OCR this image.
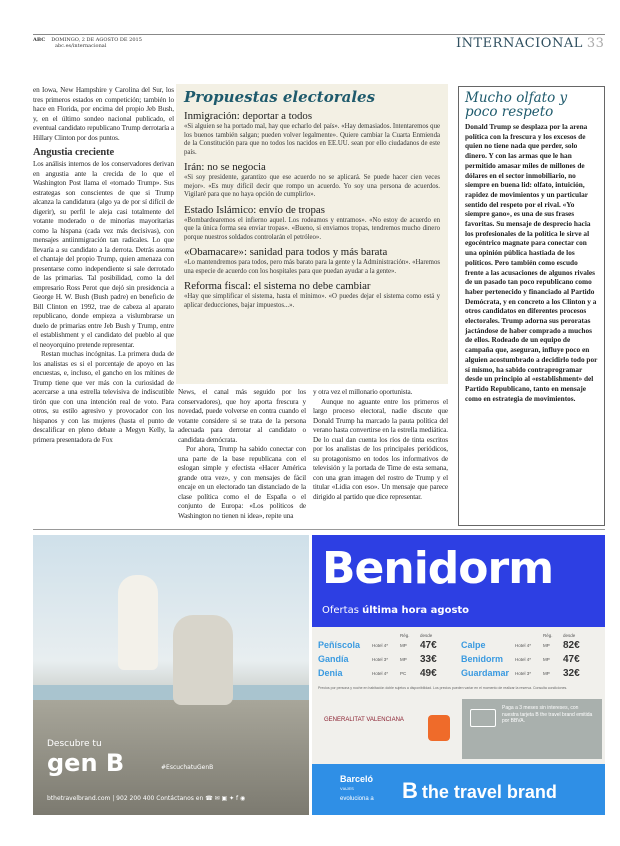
ABC DOMINGO, 2 DE AGOSTO DE 2015
abc.es/internacional	INTERNACIONAL 33

en Iowa, New Hampshire y Carolina del Sur, los tres primeros estados en competición; también lo hace en Florida, por encima del propio Jeb Bush, y, en el último sondeo nacional publicado, el eventual candidato republicano Trump derrotaría a Hillary Clinton por dos puntos.

Angustia creciente

Los análisis internos de los conservadores derivan en angustia ante la crecida de lo que el Washington Post llama el «tornado Trump». Sus estrategas son conscientes de que si Trump alcanza la candidatura (algo ya de por sí difícil de digerir), su perfil le aleja casi totalmente del votante moderado o de minorías mayoritarias como la hispana (cada vez más decisivas), con mensajes antiinmigración tan radicales. Lo que llevaría a su candidato a la derrota. Detrás asoma el chantaje del propio Trump, quien amenaza con presentarse como independiente si sale derrotado de las primarias. Tal posibilidad, como la del empresario Ross Perot que dejó sin presidencia a George H. W. Bush (Bush padre) en beneficio de Bill Clinton en 1992, trae de cabeza al aparato republicano, donde empieza a vislumbrarse un duelo de primarias entre Jeb Bush y Trump, entre el establishment y el candidato del pueblo al que el neoyorquino pretende representar.

Restan muchas incógnitas. La primera duda de los analistas es si el porcentaje de apoyo en las encuestas, e, incluso, el gancho en los mítines de Trump tiene que ver más con la curiosidad de acercarse a una estrella televisiva de indiscutible tirón que con una intención real de voto. Para otros, su estilo agresivo y provocador con los hispanos y con las mujeres (hasta el punto de descalificar en pleno debate a Megyn Kelly, la primera presentadora de Fox

Propuestas electorales
Inmigración: deportar a todos

«Si alguien se ha portado mal, hay que echarlo del país». «Hay demasiados. Intentaremos que los buenos también salgan; pueden volver legalmente». Quiere cambiar la Cuarta Enmienda de la Constitución para que no todos los nacidos en EE.UU. sean por ello ciudadanos de este país.

Irán: no se negocia

«Si soy presidente, garantizo que ese acuerdo no se aplicará. Se puede hacer cien veces mejor». «Es muy difícil decir que rompo un acuerdo. Yo soy una persona de acuerdos. Vigilaré para que no haya opción de cumplirlo».

Estado Islámico: envío de tropas

«Bombardearemos el infierno aquel. Los rodeamos y entramos». «No estoy de acuerdo en que la única forma sea enviar tropas». «Bueno, si enviamos tropas, tendremos mucho dinero porque nuestros soldados controlarán el petróleo».

«Obamacare»: sanidad para todos y más barata

«Lo mantendremos para todos, pero más barato para la gente y la Administración». «Haremos una especie de acuerdo con los hospitales para que puedan ayudar a la gente».

Reforma fiscal: el sistema no debe cambiar

«Hay que simplificar el sistema, hasta el mínimo». «O puedes dejar el sistema como está y aplicar deducciones, bajar impuestos...».

News, el canal más seguido por los conservadores), que hoy aporta frescura y novedad, puede volverse en contra cuando el votante considere si se trata de la persona adecuada para derrotar al candidato o candidata demócrata.

Por ahora, Trump ha sabido conectar con una parte de la base republicana con el eslogan simple y efectista «Hacer América grande otra vez», y con mensajes de fácil encaje en un electorado tan distanciado de la clase política como el de España o el conjunto de Europa: «Los políticos de Washington no tienen ni idea», repite una

y otra vez el millonario oportunista.

Aunque no aguante entre los primeros el largo proceso electoral, nadie discute que Donald Trump ha marcado la pauta política del verano hasta convertirse en la estrella mediática. De lo cual dan cuenta los ríos de tinta escritos por los analistas de los principales periódicos, su protagonismo en todos los informativos de televisión y la portada de Time de esta semana, con una gran imagen del rostro de Trump y el titular «Lidia con eso». Un mensaje que parece dirigido al partido que dice representar.

Mucho olfato y poco respeto

Donald Trump se desplaza por la arena política con la frescura y los excesos de quien no tiene nada que perder, solo dinero. Y con las armas que le han permitido amasar miles de millones de dólares en el sector inmobiliario, no siempre en buena lid: olfato, intuición, rapidez de movimientos y un particular sentido del respeto por el rival. «Yo siempre gano», es una de sus frases favoritas. Su mensaje de desprecio hacia los profesionales de la política le sirve al egocéntrico magnate para conectar con una opinión pública hastiada de los políticos. Pero también como escudo frente a las acusaciones de algunos rivales de un pasado tan poco republicano como haber pertenecido y financiado al Partido Demócrata, y en concreto a los Clinton y a otros candidatos en diferentes procesos electorales. Trump adorna sus peroratas jactándose de haber comprado a muchos de ellos. Rodeado de un equipo de campaña que, aseguran, influye poco en alguien acostumbrado a decidirlo todo por sí mismo, ha sabido contraprogramar desde un principio al «establishment» del Partido Republicano, tanto en mensaje como en estrategia de movimientos.

Descubre tu
gen B	#EscuchatuGenB
bthetravelbrand.com | 902 200 400 Contáctanos en ☎ ✉ ▣ ✦ f ◉
Benidorm
Ofertas última hora agosto
Rég. desde	Rég. desde
Peñíscola	Hotel 4*	MP 47€
Gandía	Hotel 3*	MP 33€
Denia	Hotel 4*	PC 49€
Calpe	Hotel 4*	MP 82€
Benidorm	Hotel 4*	MP 47€
Guardamar Hotel 3*	MP 32€
Precios por persona y noche en habitación doble sujetos a disponibilidad. Los precios pueden variar en el momento de realizar la reserva. Consulta condiciones.
GENERALITAT VALENCIANA
Paga a 3 meses sin intereses, con nuestra tarjeta B the travel brand emitida por BBVA.
Barceló
VIAJES
evoluciona a B the travel brand
